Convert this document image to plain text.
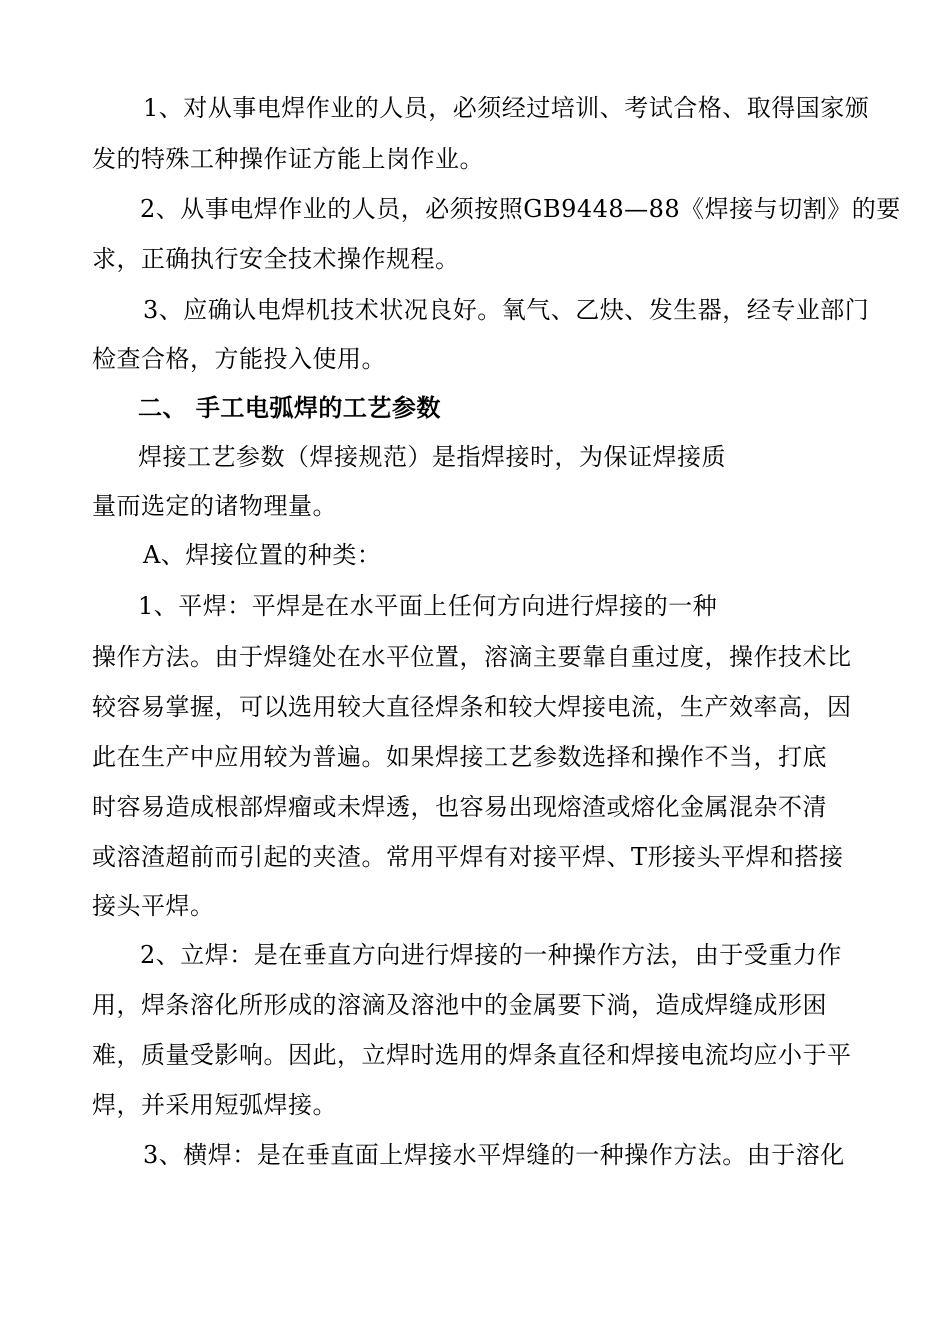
1、对从事电焊作业的人员，必须经过培训、考试合格、取得国家颁
发的特殊工种操作证方能上岗作业。
2、从事电焊作业的人员，必须按照GB9448—88《焊接与切割》的要
求，正确执行安全技术操作规程。
3、应确认电焊机技术状况良好。氧气、乙炔、发生器，经专业部门
检查合格，方能投入使用。
二、 手工电弧焊的工艺参数
焊接工艺参数（焊接规范）是指焊接时，为保证焊接质
量而选定的诸物理量。
A、焊接位置的种类：
1、平焊：平焊是在水平面上任何方向进行焊接的一种
操作方法。由于焊缝处在水平位置，溶滴主要靠自重过度，操作技术比
较容易掌握，可以选用较大直径焊条和较大焊接电流，生产效率高，因
此在生产中应用较为普遍。如果焊接工艺参数选择和操作不当，打底
时容易造成根部焊瘤或未焊透，也容易出现熔渣或熔化金属混杂不清
或溶渣超前而引起的夹渣。常用平焊有对接平焊、T形接头平焊和搭接
接头平焊。
2、立焊：是在垂直方向进行焊接的一种操作方法，由于受重力作
用，焊条溶化所形成的溶滴及溶池中的金属要下淌，造成焊缝成形困
难，质量受影响。因此，立焊时选用的焊条直径和焊接电流均应小于平
焊，并采用短弧焊接。
3、横焊：是在垂直面上焊接水平焊缝的一种操作方法。由于溶化
